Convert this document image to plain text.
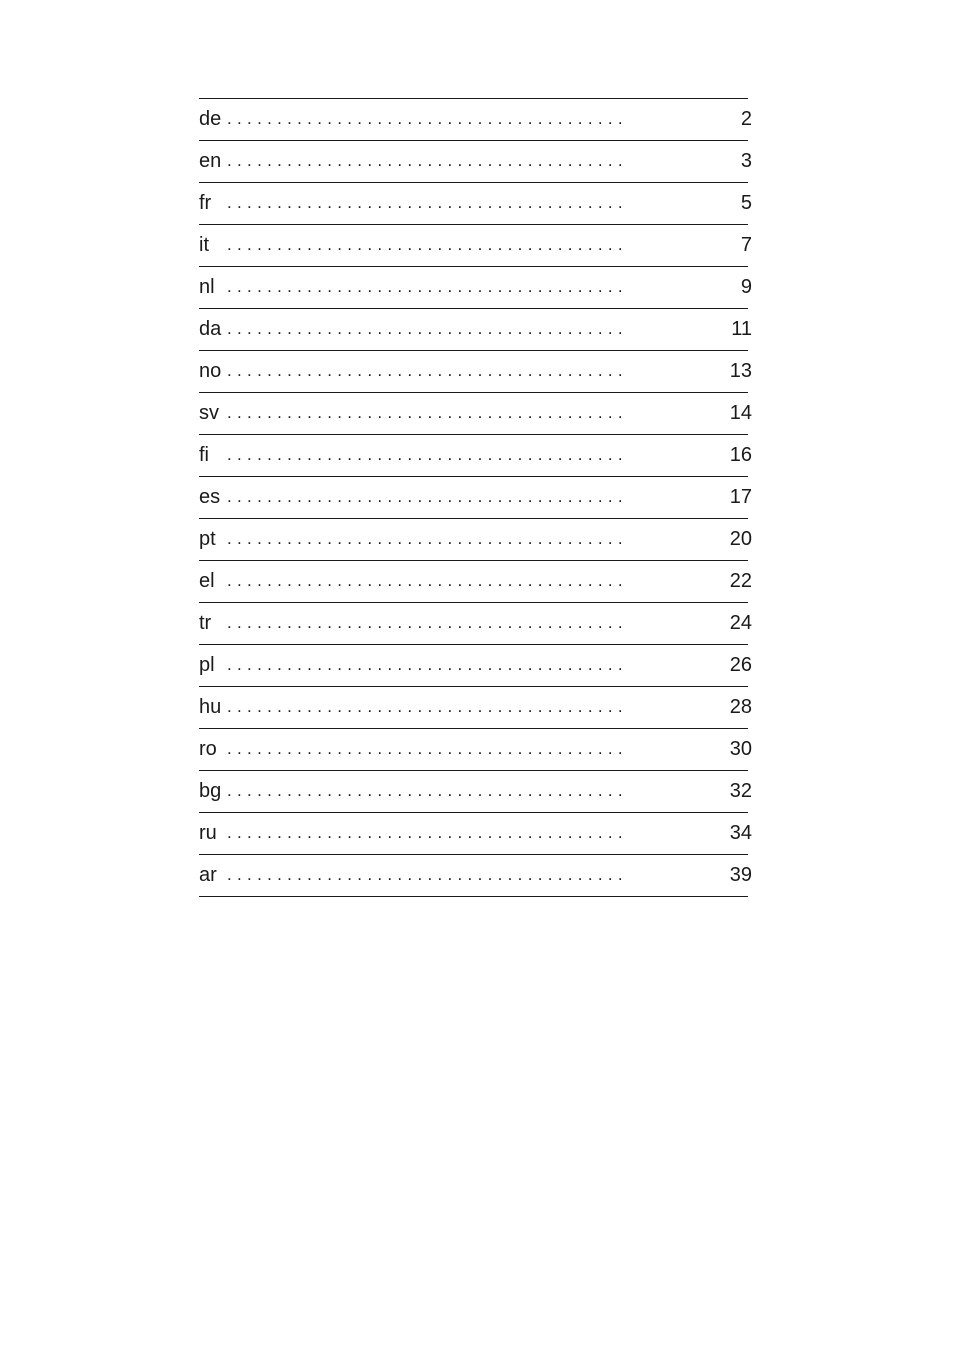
de ........................................	2
en ........................................	3
fr ........................................	5
it ........................................	7
nl ........................................	9
da ........................................	11
no ........................................	13
sv ........................................	14
fi ........................................	16
es ........................................	17
pt ........................................	20
el ........................................	22
tr ........................................	24
pl ........................................	26
hu ........................................	28
ro ........................................	30
bg ........................................	32
ru ........................................	34
ar ........................................	39
